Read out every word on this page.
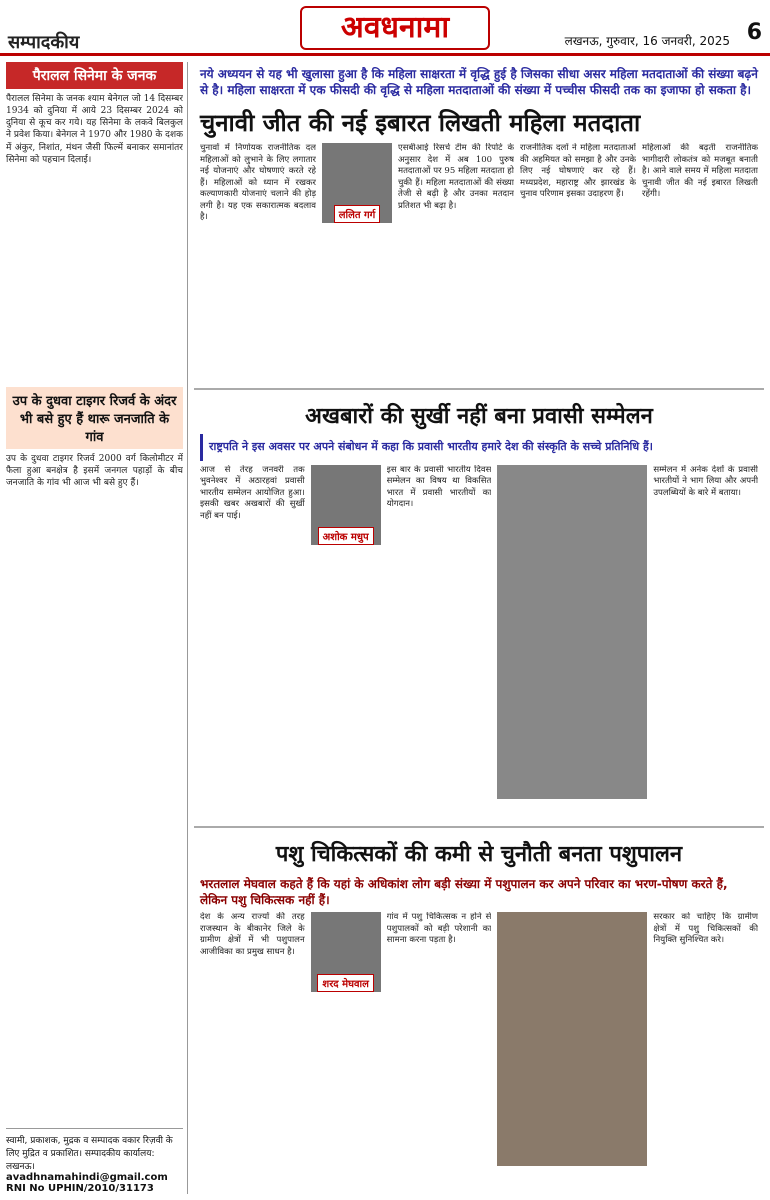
सम्पादकीय	अवधनामा	लखनऊ, गुरुवार, 16 जनवरी, 2025 6
पैरालल सिनेमा के जनक
पैरालल सिनेमा के जनक श्याम बेनेगल जो 14 दिसम्बर 1934 को दुनिया में आये 23 दिसम्बर 2024 को दुनिया से कूच कर गये। यह सिनेमा के लकवे बिलकुल ने प्रवेश किया। बेनेगल ने 1970 और 1980 के दशक में अंकुर, निशांत, मंथन जैसी फिल्में बनाकर समानांतर सिनेमा को पहचान दिलाई।
उप के दुधवा टाइगर रिजर्व के अंदर भी बसे हुए हैं थारू जनजाति के गांव
उप के दुधवा टाइगर रिजर्व 2000 वर्ग किलोमीटर में फैला हुआ बनक्षेत्र है इसमें जनगल पहाड़ों के बीच जनजाति के गांव भी आज भी बसे हुए हैं।
स्वामी, प्रकाशक, मुद्रक व सम्पादक वकार रिज़वी के लिए मुद्रित व प्रकाशित। सम्पादकीय कार्यालय: लखनऊ।
avadhnamahindi@gmail.com
RNI No UPHIN/2010/31173
नये अध्ययन से यह भी खुलासा हुआ है कि महिला साक्षरता में वृद्धि हुई है जिसका सीधा असर महिला मतदाताओं की संख्या बढ़ने से है। महिला साक्षरता में एक फीसदी की वृद्धि से महिला मतदाताओं की संख्या में पच्चीस फीसदी तक का इजाफा हो सकता है।
चुनावी जीत की नई इबारत लिखती महिला मतदाता
चुनावों में निर्णायक राजनीतिक दल महिलाओं को लुभाने के लिए लगातार नई योजनाएं और घोषणाएं करते रहे हैं। महिलाओं को ध्यान में रखकर कल्याणकारी योजनाएं चलाने की होड़ लगी है। यह एक सकारात्मक बदलाव है।	ललित गर्ग
एसबीआई रिसर्च टीम की रिपोर्ट के अनुसार देश में अब 100 पुरुष मतदाताओं पर 95 महिला मतदाता हो चुकी हैं। महिला मतदाताओं की संख्या तेजी से बढ़ी है और उनका मतदान प्रतिशत भी बढ़ा है।
राजनीतिक दलों ने महिला मतदाताओं की अहमियत को समझा है और उनके लिए नई घोषणाएं कर रहे हैं। मध्यप्रदेश, महाराष्ट्र और झारखंड के चुनाव परिणाम इसका उदाहरण हैं।
महिलाओं की बढ़ती राजनीतिक भागीदारी लोकतंत्र को मजबूत बनाती है। आने वाले समय में महिला मतदाता चुनावी जीत की नई इबारत लिखती रहेंगी।
अखबारों की सुर्खी नहीं बना प्रवासी सम्मेलन
राष्ट्रपति ने इस अवसर पर अपने संबोधन में कहा कि प्रवासी भारतीय हमारे देश की संस्कृति के सच्चे प्रतिनिधि हैं।
आज से तेरह जनवरी तक भुवनेश्वर में अठारहवां प्रवासी भारतीय सम्मेलन आयोजित हुआ। इसकी खबर अखबारों की सुर्खी नहीं बन पाई।
अशोक मधुप
इस बार के प्रवासी भारतीय दिवस सम्मेलन का विषय था विकसित भारत में प्रवासी भारतीयों का योगदान।
सम्मेलन में अनेक देशों के प्रवासी भारतीयों ने भाग लिया और अपनी उपलब्धियों के बारे में बताया।
पशु चिकित्सकों की कमी से चुनौती बनता पशुपालन
भरतलाल मेघवाल कहते हैं कि यहां के अधिकांश लोग बड़ी संख्या में पशुपालन कर अपने परिवार का भरण-पोषण करते हैं, लेकिन पशु चिकित्सक नहीं हैं।
देश के अन्य राज्यों की तरह राजस्थान के बीकानेर जिले के ग्रामीण क्षेत्रों में भी पशुपालन आजीविका का प्रमुख साधन है।
शरद मेघवाल
गांव में पशु चिकित्सक न होने से पशुपालकों को बड़ी परेशानी का सामना करना पड़ता है।
सरकार को चाहिए कि ग्रामीण क्षेत्रों में पशु चिकित्सकों की नियुक्ति सुनिश्चित करे।
